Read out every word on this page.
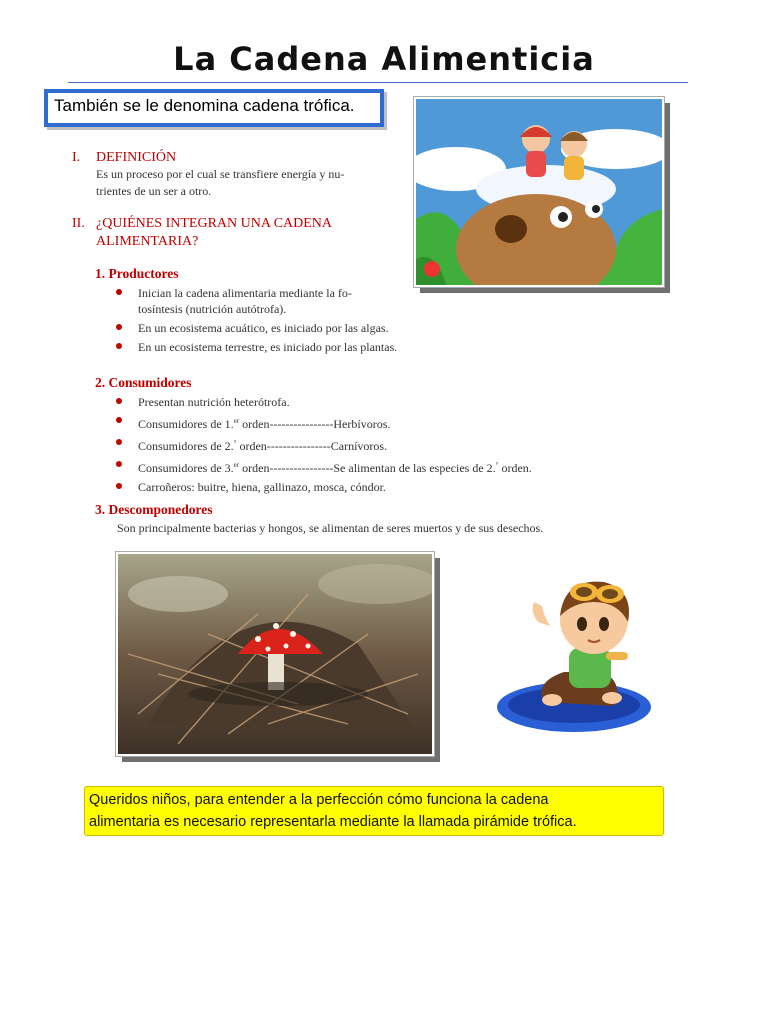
La Cadena Alimenticia
También se le denomina cadena trófica.
I. DEFINICIÓN
Es un proceso por el cual se transfiere energía y nu-
trientes de un ser a otro.
II. ¿QUIÉNES INTEGRAN UNA CADENA
ALIMENTARIA?
1. Productores
Inician la cadena alimentaria mediante la fo-
tosíntesis (nutrición autótrofa).
En un ecosistema acuático, es iniciado por las algas.
En un ecosistema terrestre, es iniciado por las plantas.
2. Consumidores
Presentan nutrición heterótrofa.
Consumidores de 1.$^{er}$ orden----------------Herbívoros.
Consumidores de 2.° orden----------------Carnívoros.
Consumidores de 3.$^{er}$ orden----------------Se alimentan de las especies de 2.° orden.
Carroñeros: buitre, hiena, gallinazo, mosca, cóndor.
3. Descomponedores
Son principalmente bacterias y hongos, se alimentan de seres muertos y de sus desechos.
Queridos niños, para entender a la perfección cómo funciona la cadena
alimentaria es necesario representarla mediante la llamada pirámide trófica.
